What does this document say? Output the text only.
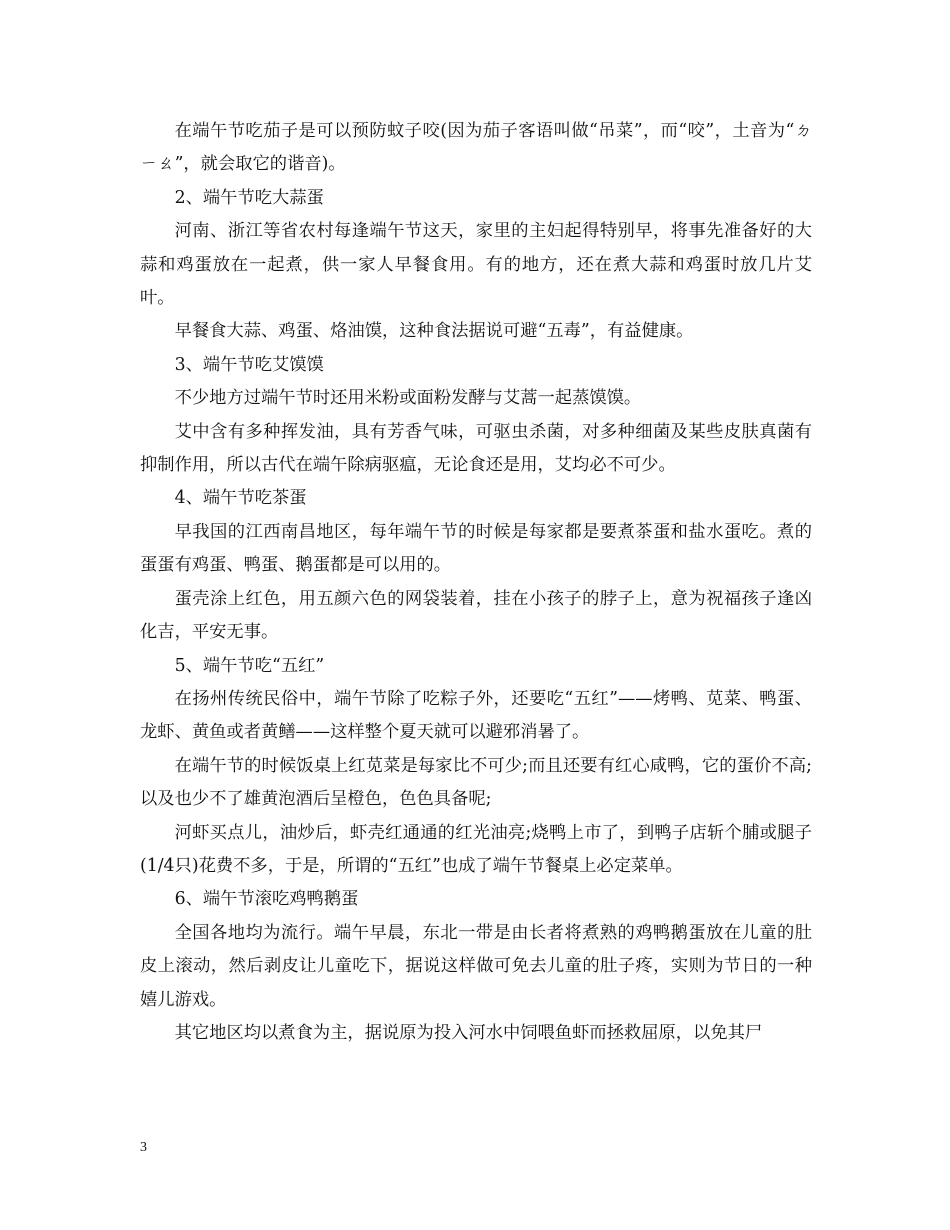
在端午节吃茄子是可以预防蚊子咬(因为茄子客语叫做“吊菜”，而“咬”，土音为“ㄉㄧㄠ”，就会取它的谐音)。

2、端午节吃大蒜蛋

河南、浙江等省农村每逢端午节这天，家里的主妇起得特别早，将事先准备好的大蒜和鸡蛋放在一起煮，供一家人早餐食用。有的地方，还在煮大蒜和鸡蛋时放几片艾叶。

早餐食大蒜、鸡蛋、烙油馍，这种食法据说可避“五毒”，有益健康。

3、端午节吃艾馍馍

不少地方过端午节时还用米粉或面粉发酵与艾蒿一起蒸馍馍。

艾中含有多种挥发油，具有芳香气味，可驱虫杀菌，对多种细菌及某些皮肤真菌有抑制作用，所以古代在端午除病驱瘟，无论食还是用，艾均必不可少。

4、端午节吃茶蛋

早我国的江西南昌地区，每年端午节的时候是每家都是要煮茶蛋和盐水蛋吃。煮的蛋蛋有鸡蛋、鸭蛋、鹅蛋都是可以用的。

蛋壳涂上红色，用五颜六色的网袋装着，挂在小孩子的脖子上，意为祝福孩子逢凶化吉，平安无事。

5、端午节吃“五红”

在扬州传统民俗中，端午节除了吃粽子外，还要吃“五红”——烤鸭、苋菜、鸭蛋、龙虾、黄鱼或者黄鳝——这样整个夏天就可以避邪消暑了。

在端午节的时候饭桌上红苋菜是每家比不可少;而且还要有红心咸鸭，它的蛋价不高;以及也少不了雄黄泡酒后呈橙色，色色具备呢;

河虾买点儿，油炒后，虾壳红通通的红光油亮;烧鸭上市了，到鸭子店斩个脯或腿子(1/4只)花费不多，于是，所谓的“五红”也成了端午节餐桌上必定菜单。

6、端午节滚吃鸡鸭鹅蛋

全国各地均为流行。端午早晨，东北一带是由长者将煮熟的鸡鸭鹅蛋放在儿童的肚皮上滚动，然后剥皮让儿童吃下，据说这样做可免去儿童的肚子疼，实则为节日的一种嬉儿游戏。

其它地区均以煮食为主，据说原为投入河水中饲喂鱼虾而拯救屈原，以免其尸

3
